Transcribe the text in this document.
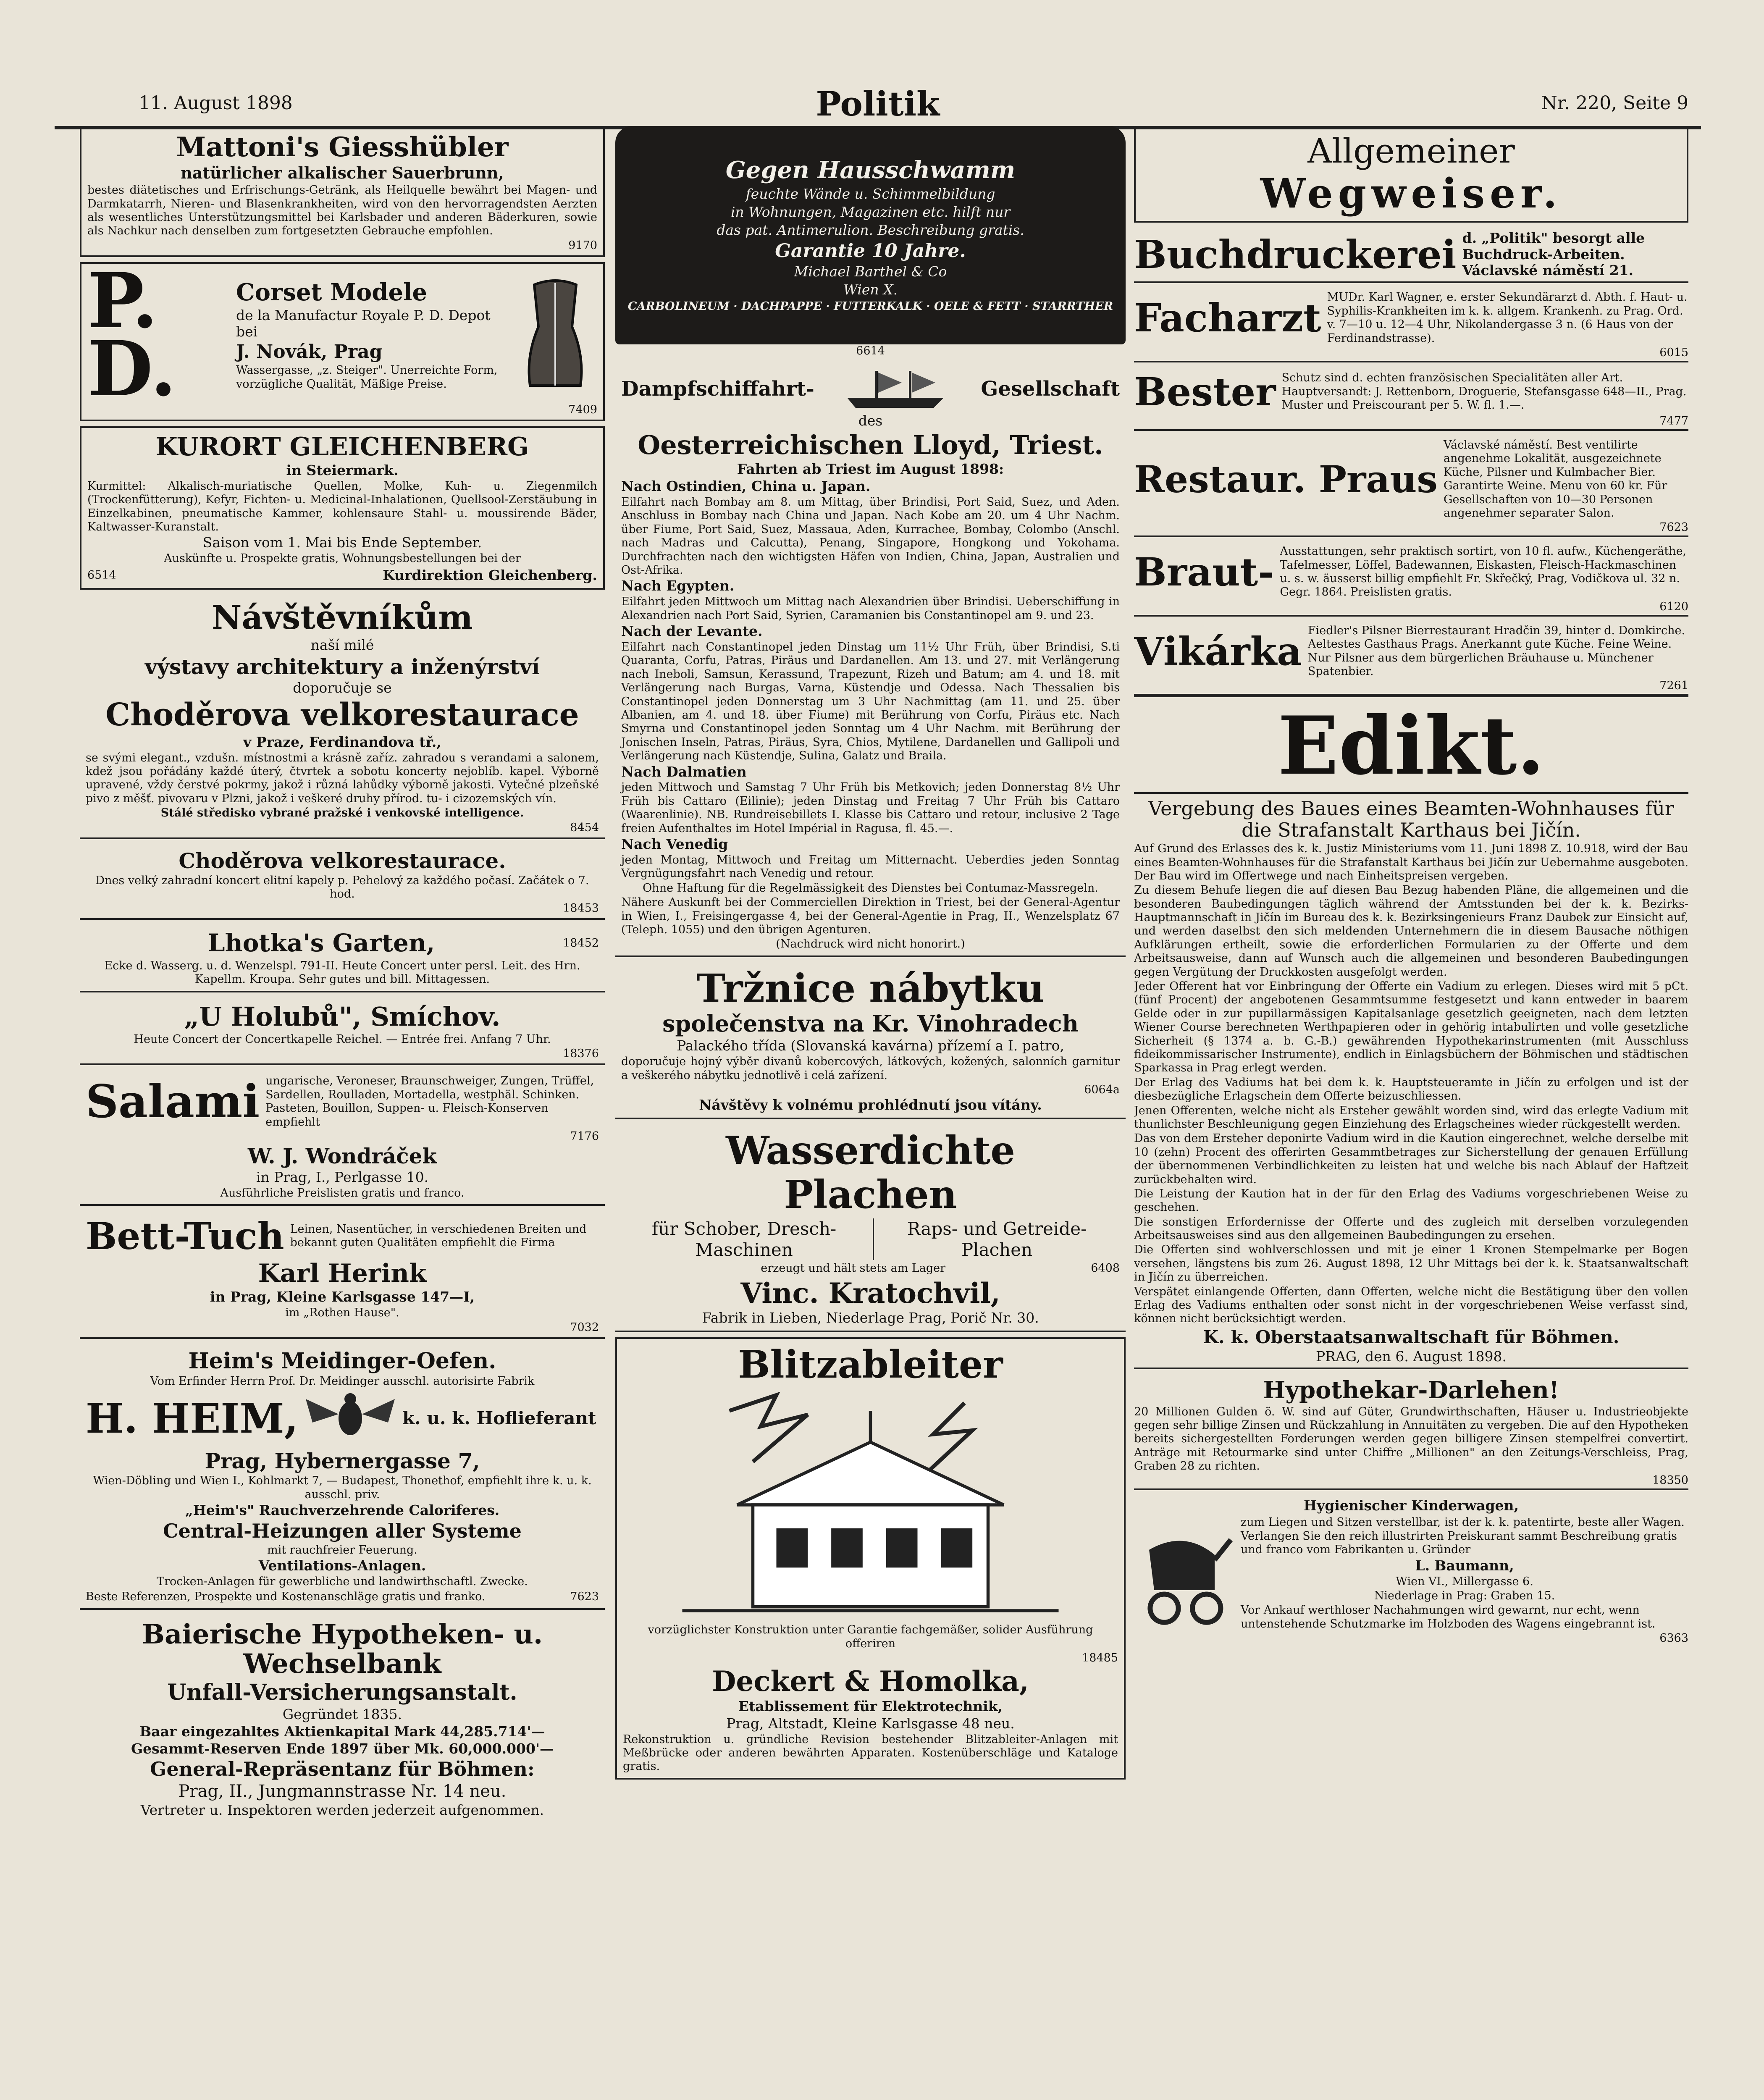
11. August 1898	Politik	Nr. 220, Seite 9

Mattoni's Giesshübler

natürlicher alkalischer Sauerbrunn,

bestes diätetisches und Erfrischungs-Getränk, als Heilquelle bewährt bei Magen- und Darmkatarrh, Nieren- und Blasenkrankheiten, wird von den hervorragendsten Aerzten als wesentliches Unterstützungsmittel bei Karlsbader und anderen Bäderkuren, sowie als Nachkur nach denselben zum fortgesetzten Gebrauche empfohlen.

9170

P. D.

Corset Modele

de la Manufactur Royale P. D. Depot bei

J. Novák, Prag

Wassergasse, „z. Steiger". Unerreichte Form, vorzügliche Qualität, Mäßige Preise.

7409

KURORT GLEICHENBERG

in Steiermark.

Kurmittel: Alkalisch-muriatische Quellen, Molke, Kuh- u. Ziegenmilch (Trockenfütterung), Kefyr, Fichten- u. Medicinal-Inhalationen, Quellsool-Zerstäubung in Einzelkabinen, pneumatische Kammer, kohlensaure Stahl- u. moussirende Bäder, Kaltwasser-Kuranstalt.

Saison vom 1. Mai bis Ende September.

Auskünfte u. Prospekte gratis, Wohnungsbestellungen bei der

6514	Kurdirektion Gleichenberg.

Návštěvníkům

naší milé

výstavy architektury a inženýrství

doporučuje se

Choděrova velkorestaurace

v Praze, Ferdinandova tř.,

se svými elegant., vzdušn. místnostmi a krásně zaříz. zahradou s verandami a salonem, kdež jsou pořádány každé úterý, čtvrtek a sobotu koncerty nejoblíb. kapel. Výborně upravené, vždy čerstvé pokrmy, jakož i různá lahůdky výborně jakosti. Vytečné plzeňské pivo z měšť. pivovaru v Plzni, jakož i veškeré druhy přírod. tu- i cizozemských vín.

Stálé středisko vybrané pražské i venkovské intelligence.

8454

Choděrova velkorestaurace.

Dnes velký zahradní koncert elitní kapely p. Pehelový za každého počasí. Začátek o 7. hod.

18453

Lhotka's Garten,	18452

Ecke d. Wasserg. u. d. Wenzelspl. 791-II. Heute Concert unter persl. Leit. des Hrn. Kapellm. Kroupa. Sehr gutes und bill. Mittagessen.

„U Holubů", Smíchov.

Heute Concert der Concertkapelle Reichel. — Entrée frei. Anfang 7 Uhr.

18376

Salami ungarische, Veroneser, Braunschweiger, Zungen, Trüffel, Sardellen, Roulladen, Mortadella, westphäl. Schinken. Pasteten, Bouillon, Suppen- u. Fleisch-Konserven empfiehlt

7176

W. J. Wondráček

in Prag, I., Perlgasse 10.

Ausführliche Preislisten gratis und franco.

Bett-Tuch Leinen, Nasentücher, in verschiedenen Breiten und bekannt guten Qualitäten empfiehlt die Firma

Karl Herink

in Prag, Kleine Karlsgasse 147—I,

im „Rothen Hause".

7032

Heim's Meidinger-Oefen.

Vom Erfinder Herrn Prof. Dr. Meidinger ausschl. autorisirte Fabrik

H. HEIM,	k. u. k. Hoflieferant

Prag, Hybernergasse 7,

Wien-Döbling und Wien I., Kohlmarkt 7, — Budapest, Thonethof, empfiehlt ihre k. u. k. ausschl. priv.

„Heim's" Rauchverzehrende Caloriferes.

Central-Heizungen aller Systeme

mit rauchfreier Feuerung.

Ventilations-Anlagen.

Trocken-Anlagen für gewerbliche und landwirthschaftl. Zwecke.

Beste Referenzen, Prospekte und Kostenanschläge gratis und franko.	7623

Baierische Hypotheken- u. Wechselbank

Unfall-Versicherungsanstalt.

Gegründet 1835.

Baar eingezahltes Aktienkapital Mark 44,285.714'—

Gesammt-Reserven Ende 1897 über Mk. 60,000.000'—

General-Repräsentanz für Böhmen:

Prag, II., Jungmannstrasse Nr. 14 neu.

Vertreter u. Inspektoren werden jederzeit aufgenommen.

Gegen Hausschwamm

feuchte Wände u. Schimmelbildung

in Wohnungen, Magazinen etc. hilft nur

das pat. Antimerulion. Beschreibung gratis.

Garantie 10 Jahre.

Michael Barthel & Co

Wien X.

CARBOLINEUM · DACHPAPPE · FUTTERKALK · OELE & FETT · STARRTHER

6614

Dampfschiffahrt-	Gesellschaft

des

Oesterreichischen Lloyd, Triest.

Fahrten ab Triest im August 1898:

Nach Ostindien, China u. Japan.

Eilfahrt nach Bombay am 8. um Mittag, über Brindisi, Port Said, Suez, und Aden. Anschluss in Bombay nach China und Japan. Nach Kobe am 20. um 4 Uhr Nachm. über Fiume, Port Said, Suez, Massaua, Aden, Kurrachee, Bombay, Colombo (Anschl. nach Madras und Calcutta), Penang, Singapore, Hongkong und Yokohama. Durchfrachten nach den wichtigsten Häfen von Indien, China, Japan, Australien und Ost-Afrika.

Nach Egypten.

Eilfahrt jeden Mittwoch um Mittag nach Alexandrien über Brindisi. Ueberschiffung in Alexandrien nach Port Said, Syrien, Caramanien bis Constantinopel am 9. und 23.

Nach der Levante.

Eilfahrt nach Constantinopel jeden Dinstag um 11½ Uhr Früh, über Brindisi, S.ti Quaranta, Corfu, Patras, Piräus und Dardanellen. Am 13. und 27. mit Verlängerung nach Ineboli, Samsun, Kerassund, Trapezunt, Rizeh und Batum; am 4. und 18. mit Verlängerung nach Burgas, Varna, Küstendje und Odessa. Nach Thessalien bis Constantinopel jeden Donnerstag um 3 Uhr Nachmittag (am 11. und 25. über Albanien, am 4. und 18. über Fiume) mit Berührung von Corfu, Piräus etc. Nach Smyrna und Constantinopel jeden Sonntag um 4 Uhr Nachm. mit Berührung der Jonischen Inseln, Patras, Piräus, Syra, Chios, Mytilene, Dardanellen und Gallipoli und Verlängerung nach Küstendje, Sulina, Galatz und Braila.

Nach Dalmatien

jeden Mittwoch und Samstag 7 Uhr Früh bis Metkovich; jeden Donnerstag 8½ Uhr Früh bis Cattaro (Eilinie); jeden Dinstag und Freitag 7 Uhr Früh bis Cattaro (Waarenlinie). NB. Rundreisebillets I. Klasse bis Cattaro und retour, inclusive 2 Tage freien Aufenthaltes im Hotel Impérial in Ragusa, fl. 45.—.

Nach Venedig

jeden Montag, Mittwoch und Freitag um Mitternacht. Ueberdies jeden Sonntag Vergnügungsfahrt nach Venedig und retour.

Ohne Haftung für die Regelmässigkeit des Dienstes bei Contumaz-Massregeln.

Nähere Auskunft bei der Commerciellen Direktion in Triest, bei der General-Agentur in Wien, I., Freisingergasse 4, bei der General-Agentie in Prag, II., Wenzelsplatz 67 (Teleph. 1055) und den übrigen Agenturen.

(Nachdruck wird nicht honorirt.)

Tržnice nábytku

společenstva na Kr. Vinohradech

Palackého třída (Slovanská kavárna) přízemí a I. patro,

doporučuje hojný výběr divanů kobercových, látkových, kožených, salonních garnitur a veškerého nábytku jednotlivě i celá zařízení.

6064a

Návštěvy k volnému prohlédnutí jsou vítány.

Wasserdichte

Plachen

für Schober, Dresch-Maschinen

Raps- und Getreide-Plachen

erzeugt und hält stets am Lager	6408

Vinc. Kratochvil,

Fabrik in Lieben, Niederlage Prag, Porič Nr. 30.

Blitzableiter

vorzüglichster Konstruktion unter Garantie fachgemäßer, solider Ausführung offeriren

18485

Deckert & Homolka,

Etablissement für Elektrotechnik,

Prag, Altstadt, Kleine Karlsgasse 48 neu.

Rekonstruktion u. gründliche Revision bestehender Blitzableiter-Anlagen mit Meßbrücke oder anderen bewährten Apparaten. Kostenüberschläge und Kataloge gratis.

Allgemeiner

Wegweiser.

Buchdruckerei d. „Politik" besorgt alle Buchdruck-Arbeiten. Václavské náměstí 21.

Facharzt MUDr. Karl Wagner, e. erster Sekundärarzt d. Abth. f. Haut- u. Syphilis-Krankheiten im k. k. allgem. Krankenh. zu Prag. Ord. v. 7—10 u. 12—4 Uhr, Nikolandergasse 3 n. (6 Haus von der Ferdinandstrasse).

6015

Bester Schutz sind d. echten französischen Specialitäten aller Art. Hauptversandt: J. Rettenborn, Droguerie, Stefansgasse 648—II., Prag. Muster und Preiscourant per 5. W. fl. 1.—.

7477

Restaur. Praus

Václavské náměstí. Best ventilirte angenehme Lokalität, ausgezeichnete Küche, Pilsner und Kulmbacher Bier. Garantirte Weine. Menu von 60 kr. Für Gesellschaften von 10—30 Personen angenehmer separater Salon.

7623

Braut- Ausstattungen, sehr praktisch sortirt, von 10 fl. aufw., Küchengeräthe, Tafelmesser, Löffel, Badewannen, Eiskasten, Fleisch-Hackmaschinen u. s. w. äusserst billig empfiehlt Fr. Skřečký, Prag, Vodičkova ul. 32 n. Gegr. 1864. Preislisten gratis.

6120

Vikárka Fiedler's Pilsner Bierrestaurant Hradčin 39, hinter d. Domkirche. Aeltestes Gasthaus Prags. Anerkannt gute Küche. Feine Weine. Nur Pilsner aus dem bürgerlichen Bräuhause u. Münchener Spatenbier.

7261

Edikt.

Vergebung des Baues eines Beamten-Wohnhauses für die Strafanstalt Karthaus bei Jičín.

Auf Grund des Erlasses des k. k. Justiz Ministeriums vom 11. Juni 1898 Z. 10.918, wird der Bau eines Beamten-Wohnhauses für die Strafanstalt Karthaus bei Jičín zur Uebernahme ausgeboten. Der Bau wird im Offertwege und nach Einheitspreisen vergeben.

Zu diesem Behufe liegen die auf diesen Bau Bezug habenden Pläne, die allgemeinen und die besonderen Baubedingungen täglich während der Amtsstunden bei der k. k. Bezirks-Hauptmannschaft in Jičín im Bureau des k. k. Bezirksingenieurs Franz Daubek zur Einsicht auf, und werden daselbst den sich meldenden Unternehmern die in diesem Bausache nöthigen Aufklärungen ertheilt, sowie die erforderlichen Formularien zu der Offerte und dem Arbeitsausweise, dann auf Wunsch auch die allgemeinen und besonderen Baubedingungen gegen Vergütung der Druckkosten ausgefolgt werden.

Jeder Offerent hat vor Einbringung der Offerte ein Vadium zu erlegen. Dieses wird mit 5 pCt. (fünf Procent) der angebotenen Gesammtsumme festgesetzt und kann entweder in baarem Gelde oder in zur pupillarmässigen Kapitalsanlage gesetzlich geeigneten, nach dem letzten Wiener Course berechneten Werthpapieren oder in gehörig intabulirten und volle gesetzliche Sicherheit (§ 1374 a. b. G.-B.) gewährenden Hypothekarinstrumenten (mit Ausschluss fideikommissarischer Instrumente), endlich in Einlagsbüchern der Böhmischen und städtischen Sparkassa in Prag erlegt werden.

Der Erlag des Vadiums hat bei dem k. k. Hauptsteueramte in Jičín zu erfolgen und ist der diesbezügliche Erlagschein dem Offerte beizuschliessen.

Jenen Offerenten, welche nicht als Ersteher gewählt worden sind, wird das erlegte Vadium mit thunlichster Beschleunigung gegen Einziehung des Erlagscheines wieder rückgestellt werden.

Das von dem Ersteher deponirte Vadium wird in die Kaution eingerechnet, welche derselbe mit 10 (zehn) Procent des offerirten Gesammtbetrages zur Sicherstellung der genauen Erfüllung der übernommenen Verbindlichkeiten zu leisten hat und welche bis nach Ablauf der Haftzeit zurückbehalten wird.

Die Leistung der Kaution hat in der für den Erlag des Vadiums vorgeschriebenen Weise zu geschehen.

Die sonstigen Erfordernisse der Offerte und des zugleich mit derselben vorzulegenden Arbeitsausweises sind aus den allgemeinen Baubedingungen zu ersehen.

Die Offerten sind wohlverschlossen und mit je einer 1 Kronen Stempelmarke per Bogen versehen, längstens bis zum 26. August 1898, 12 Uhr Mittags bei der k. k. Staatsanwaltschaft in Jičín zu überreichen.

Verspätet einlangende Offerten, dann Offerten, welche nicht die Bestätigung über den vollen Erlag des Vadiums enthalten oder sonst nicht in der vorgeschriebenen Weise verfasst sind, können nicht berücksichtigt werden.

K. k. Oberstaatsanwaltschaft für Böhmen.

PRAG, den 6. August 1898.

Hypothekar-Darlehen!

20 Millionen Gulden ö. W. sind auf Güter, Grundwirthschaften, Häuser u. Industrieobjekte gegen sehr billige Zinsen und Rückzahlung in Annuitäten zu vergeben. Die auf den Hypotheken bereits sichergestellten Forderungen werden gegen billigere Zinsen stempelfrei convertirt. Anträge mit Retourmarke sind unter Chiffre „Millionen" an den Zeitungs-Verschleiss, Prag, Graben 28 zu richten.

18350

Hygienischer Kinderwagen,

zum Liegen und Sitzen verstellbar, ist der k. k. patentirte, beste aller Wagen. Verlangen Sie den reich illustrirten Preiskurant sammt Beschreibung gratis und franco vom Fabrikanten u. Gründer

L. Baumann,

Wien VI., Millergasse 6.

Niederlage in Prag: Graben 15.

Vor Ankauf werthloser Nachahmungen wird gewarnt, nur echt, wenn untenstehende Schutzmarke im Holzboden des Wagens eingebrannt ist.

6363
